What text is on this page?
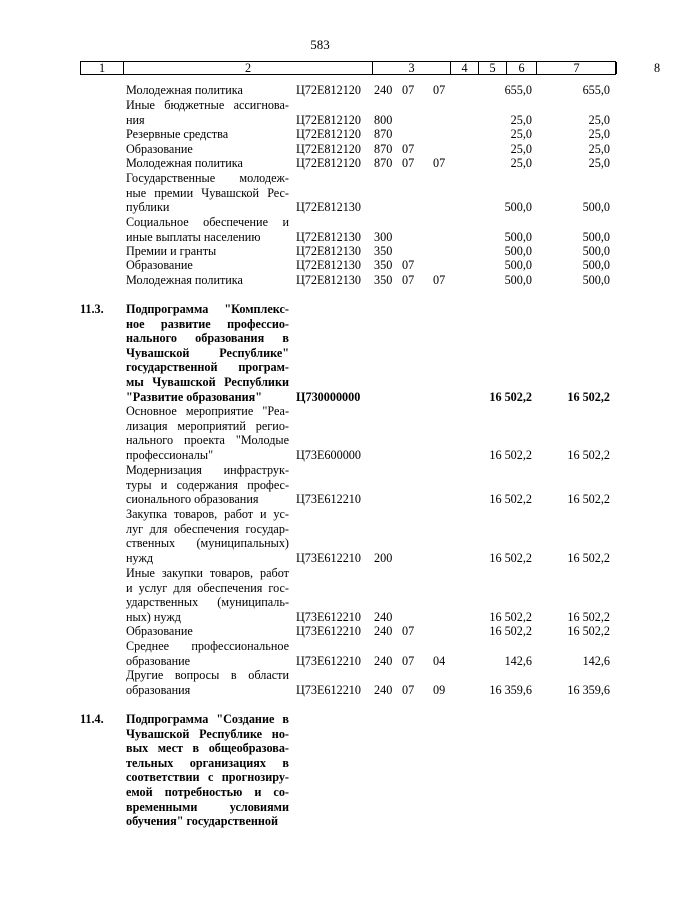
583
1	2	3	4	5	6	7	8
Молодежная политика	Ц72Е812120 240 07 07	655,0	655,0
Иные бюджетные ассигнова-
ния	Ц72Е812120 800	25,0	25,0
Резервные средства	Ц72Е812120 870	25,0	25,0
Образование	Ц72Е812120 870 07	25,0	25,0
Молодежная политика	Ц72Е812120 870 07 07	25,0	25,0
Государственные молодеж-
ные премии Чувашской Рес-
публики	Ц72Е812130	500,0	500,0
Социальное обеспечение и
иные выплаты населению	Ц72Е812130 300	500,0	500,0
Премии и гранты	Ц72Е812130 350	500,0	500,0
Образование	Ц72Е812130 350 07	500,0	500,0
Молодежная политика	Ц72Е812130 350 07 07	500,0	500,0
11.3.	Подпрограмма "Комплекс-
ное развитие профессио-
нального образования в
Чувашской Республике"
государственной програм-
мы Чувашской Республики
"Развитие образования"	Ц730000000	16 502,2	16 502,2
Основное мероприятие "Реа-
лизация мероприятий регио-
нального проекта "Молодые
профессионалы"	Ц73Е600000	16 502,2	16 502,2
Модернизация инфраструк-
туры и содержания профес-
сионального образования	Ц73Е612210	16 502,2	16 502,2
Закупка товаров, работ и ус-
луг для обеспечения государ-
ственных (муниципальных)
нужд	Ц73Е612210 200	16 502,2	16 502,2
Иные закупки товаров, работ
и услуг для обеспечения гос-
ударственных (муниципаль-
ных) нужд	Ц73Е612210 240	16 502,2	16 502,2
Образование	Ц73Е612210 240 07	16 502,2	16 502,2
Среднее профессиональное
образование	Ц73Е612210 240 07 04	142,6	142,6
Другие вопросы в области
образования	Ц73Е612210 240 07 09	16 359,6	16 359,6
11.4.	Подпрограмма "Создание в
Чувашской Республике но-
вых мест в общеобразова-
тельных организациях в
соответствии с прогнозиру-
емой потребностью и со-
временными условиями
обучения" государственной
